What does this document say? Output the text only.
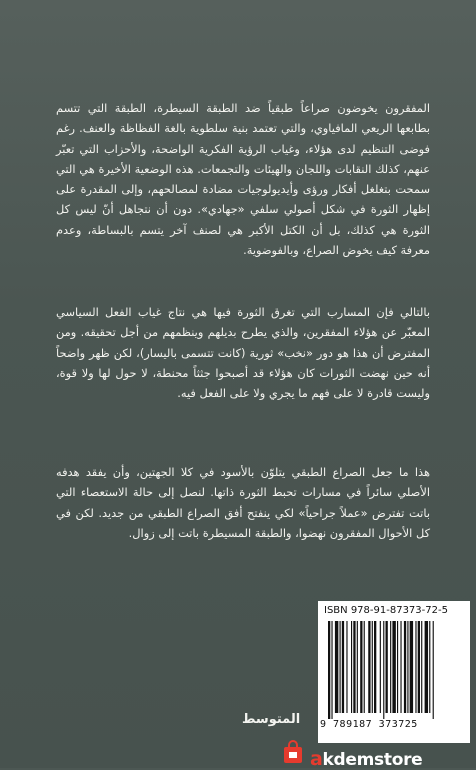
المفقرون يخوضون صراعاً طبقياً ضد الطبقة السيطرة، الطبقة التي تتسم بطابعها الريعي المافياوي، والتي تعتمد بنية سلطوية بالغة الفظاظة والعنف. رغم فوضى التنظيم لدى هؤلاء، وغياب الرؤية الفكرية الواضحة، والأحزاب التي تعبّر عنهم، كذلك النقابات واللجان والهيئات والتجمعات. هذه الوضعية الأخيرة هي التي سمحت بتغلغل أفكار ورؤى وأيديولوجيات مضادة لمصالحهم، وإلى المقدرة على إظهار الثورة في شكل أصولي سلفي «جهادي». دون أن نتجاهل أنّ ليس كل الثورة هي كذلك، بل أن الكتل الأكبر هي لصنف آخر يتسم بالبساطة، وعدم معرفة كيف يخوض الصراع، وبالفوضوية.
بالتالي فإن المسارب التي تغرق الثورة فيها هي نتاج غياب الفعل السياسي المعبّر عن هؤلاء المفقرين، والذي يطرح بديلهم وينظمهم من أجل تحقيقه. ومن المفترض أن هذا هو دور «نخب» ثورية (كانت تتسمى باليسار)، لكن ظهر واضحاً أنه حين نهضت الثورات كان هؤلاء قد أصبحوا جثثاً محنطة، لا حول لها ولا قوة، وليست قادرة لا على فهم ما يجري ولا على الفعل فيه.
هذا ما جعل الصراع الطبقي يتلوّن بالأسود في كلا الجهتين، وأن يفقد هدفه الأصلي سائراً في مسارات تحبط الثورة ذاتها. لنصل إلى حالة الاستعصاء التي باتت تفترض «عملاً جراحياً» لكي ينفتح أفق الصراع الطبقي من جديد. لكن في كل الأحوال المفقرون نهضوا، والطبقة المسيطرة باتت إلى زوال.
ISBN 978-91-87373-72-5
9 789187 373725
المتوسط
akdemstore
